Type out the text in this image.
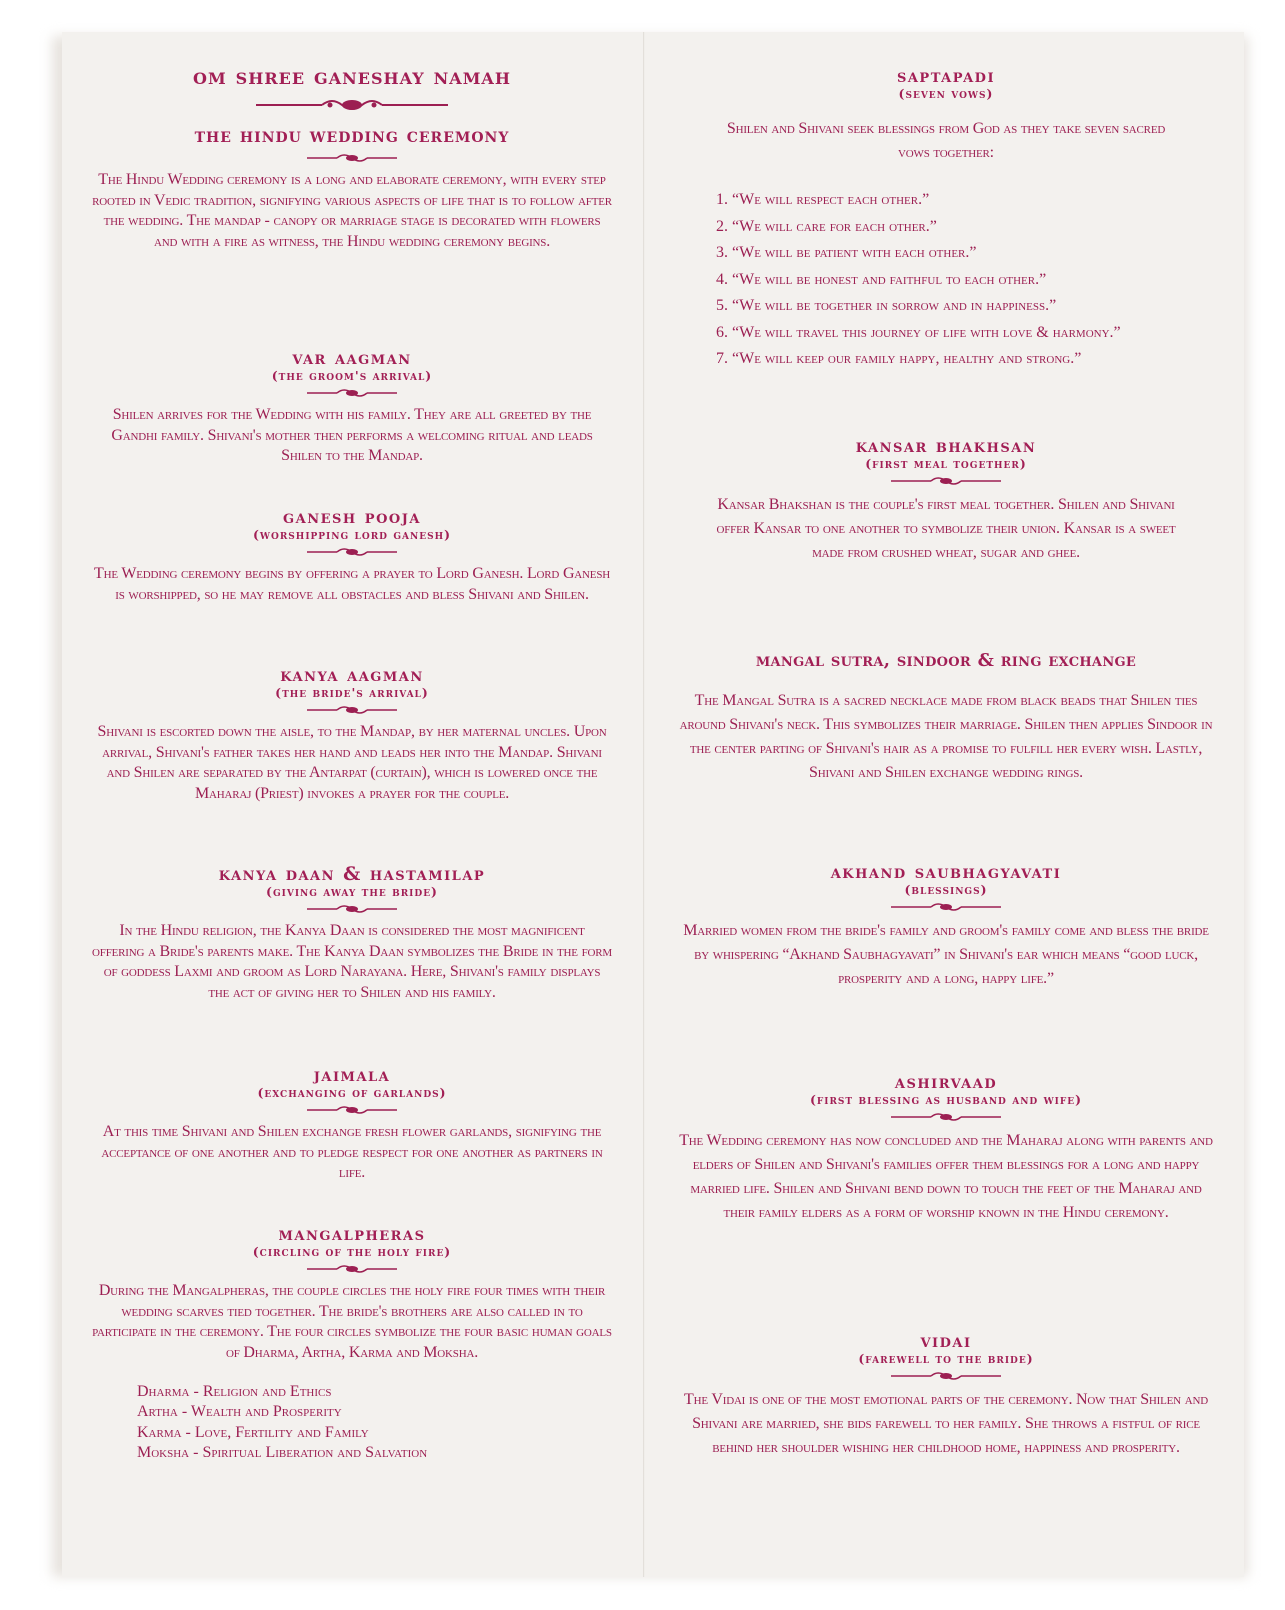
om shree ganeshay namah
the hindu wedding ceremony
The Hindu Wedding ceremony is a long and elaborate ceremony, with every step rooted in Vedic tradition, signifying various aspects of life that is to follow after the wedding. The mandap - canopy or marriage stage is decorated with flowers and with a fire as witness, the Hindu wedding ceremony begins.
var aagman
(the groom's arrival)
Shilen arrives for the Wedding with his family. They are all greeted by the Gandhi family. Shivani's mother then performs a welcoming ritual and leads Shilen to the Mandap.
ganesh pooja
(worshipping lord ganesh)
The Wedding ceremony begins by offering a prayer to Lord Ganesh. Lord Ganesh is worshipped, so he may remove all obstacles and bless Shivani and Shilen.
kanya aagman
(the bride's arrival)
Shivani is escorted down the aisle, to the Mandap, by her maternal uncles. Upon arrival, Shivani's father takes her hand and leads her into the Mandap. Shivani and Shilen are separated by the Antarpat (curtain), which is lowered once the Maharaj (Priest) invokes a prayer for the couple.
kanya daan & hastamilap
(giving away the bride)
In the Hindu religion, the Kanya Daan is considered the most magnificent offering a Bride's parents make. The Kanya Daan symbolizes the Bride in the form of goddess Laxmi and groom as Lord Narayana. Here, Shivani's family displays the act of giving her to Shilen and his family.
jaimala
(exchanging of garlands)
At this time Shivani and Shilen exchange fresh flower garlands, signifying the acceptance of one another and to pledge respect for one another as partners in life.
mangalpheras
(circling of the holy fire)
During the Mangalpheras, the couple circles the holy fire four times with their wedding scarves tied together. The bride's brothers are also called in to participate in the ceremony. The four circles symbolize the four basic human goals of Dharma, Artha, Karma and Moksha.
Dharma - Religion and Ethics
Artha - Wealth and Prosperity
Karma - Love, Fertility and Family
Moksha - Spiritual Liberation and Salvation
saptapadi
(seven vows)
Shilen and Shivani seek blessings from God as they take seven sacred vows together:
1. “We will respect each other.”
2. “We will care for each other.”
3. “We will be patient with each other.”
4. “We will be honest and faithful to each other.”
5. “We will be together in sorrow and in happiness.”
6. “We will travel this journey of life with love & harmony.”
7. “We will keep our family happy, healthy and strong.”
kansar bhakhsan
(first meal together)
Kansar Bhakshan is the couple's first meal together. Shilen and Shivani offer Kansar to one another to symbolize their union. Kansar is a sweet made from crushed wheat, sugar and ghee.
mangal sutra, sindoor & ring exchange
The Mangal Sutra is a sacred necklace made from black beads that Shilen ties around Shivani's neck. This symbolizes their marriage. Shilen then applies Sindoor in the center parting of Shivani's hair as a promise to fulfill her every wish. Lastly, Shivani and Shilen exchange wedding rings.
akhand saubhagyavati
(blessings)
Married women from the bride's family and groom's family come and bless the bride by whispering “Akhand Saubhagyavati” in Shivani's ear which means “good luck, prosperity and a long, happy life.”
ashirvaad
(first blessing as husband and wife)
The Wedding ceremony has now concluded and the Maharaj along with parents and elders of Shilen and Shivani's families offer them blessings for a long and happy married life. Shilen and Shivani bend down to touch the feet of the Maharaj and their family elders as a form of worship known in the Hindu ceremony.
vidai
(farewell to the bride)
The Vidai is one of the most emotional parts of the ceremony. Now that Shilen and Shivani are married, she bids farewell to her family. She throws a fistful of rice behind her shoulder wishing her childhood home, happiness and prosperity.
